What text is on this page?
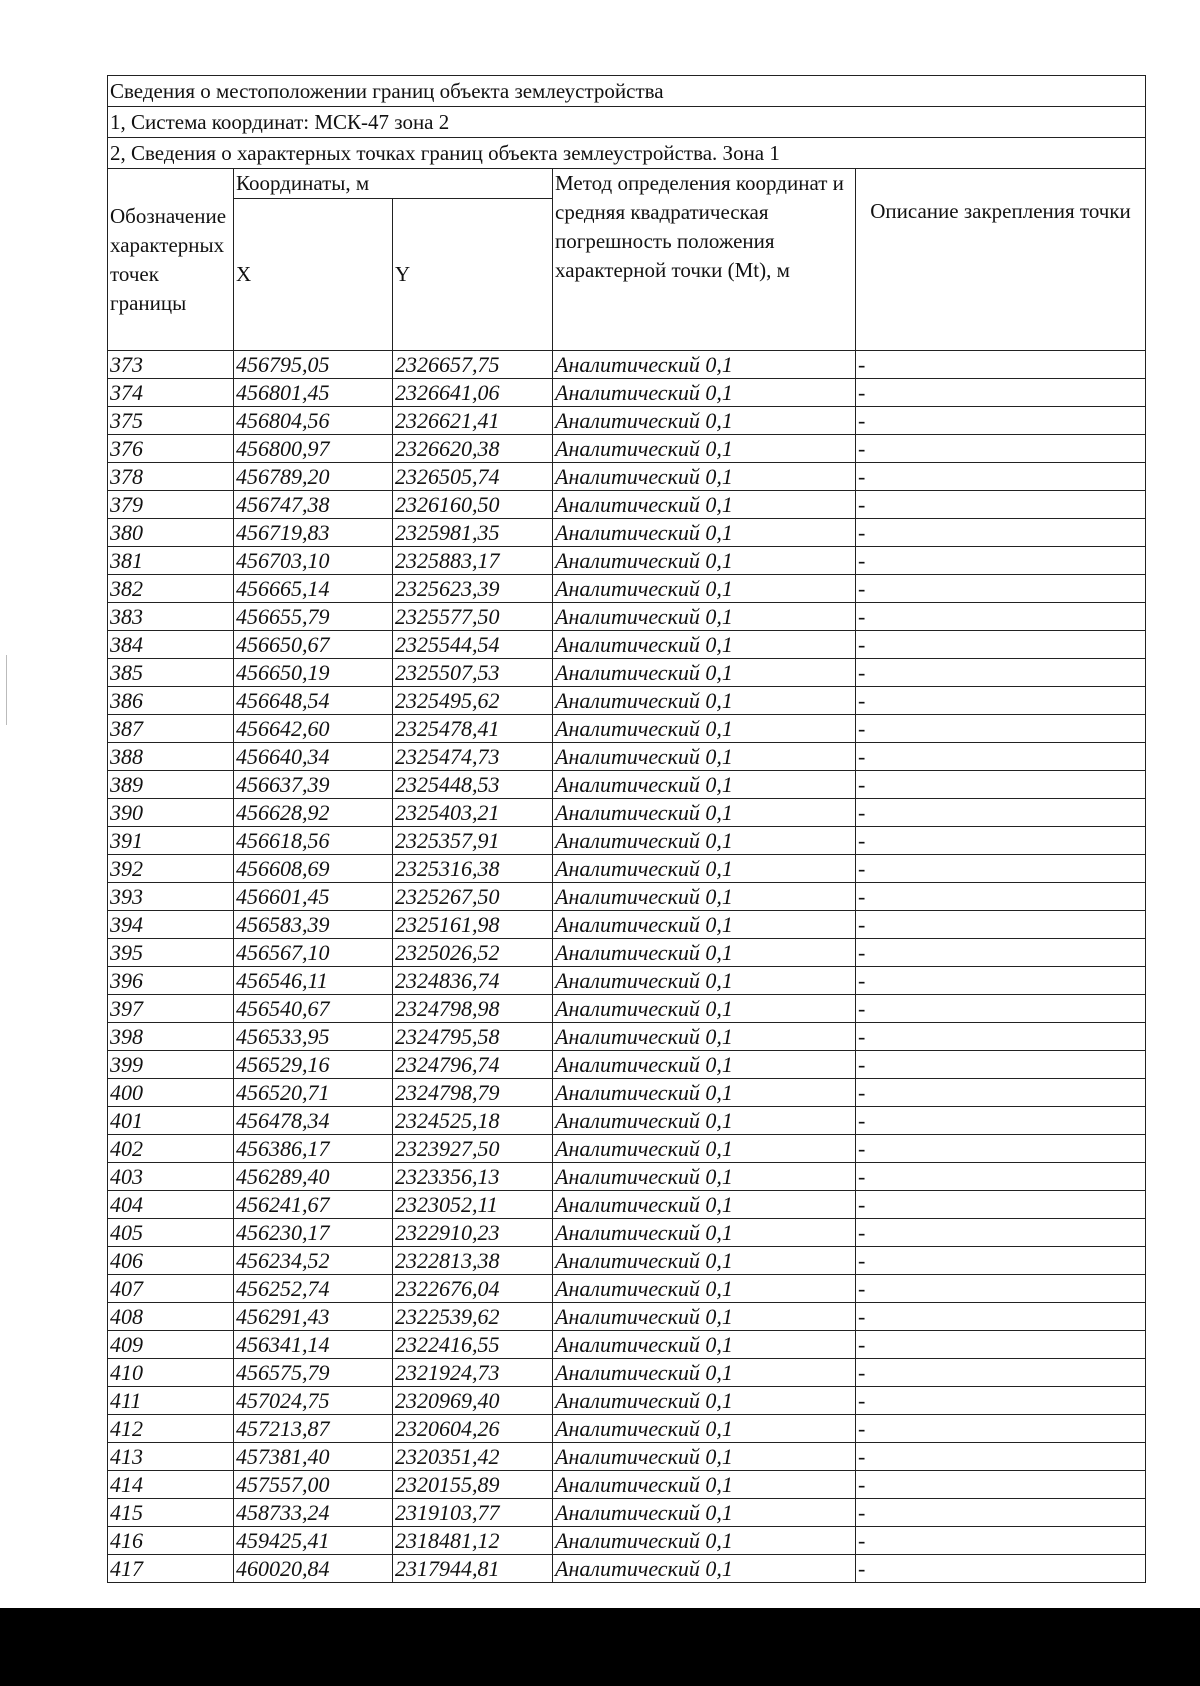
Сведения о местоположении границ объекта землеустройства				
1, Система координат: МСК-47 зона 2				
2, Сведения о характерных точках границ объекта землеустройства. Зона 1				
Обозначение характерных точек границы	Координаты, м		Метод определения координат и средняя квадратическая погрешность положения характерной точки (Mt), м	Описание закрепления точки
	X	Y		
373	456795,05	2326657,75	Аналитический 0,1	-
374	456801,45	2326641,06	Аналитический 0,1	-
375	456804,56	2326621,41	Аналитический 0,1	-
376	456800,97	2326620,38	Аналитический 0,1	-
378	456789,20	2326505,74	Аналитический 0,1	-
379	456747,38	2326160,50	Аналитический 0,1	-
380	456719,83	2325981,35	Аналитический 0,1	-
381	456703,10	2325883,17	Аналитический 0,1	-
382	456665,14	2325623,39	Аналитический 0,1	-
383	456655,79	2325577,50	Аналитический 0,1	-
384	456650,67	2325544,54	Аналитический 0,1	-
385	456650,19	2325507,53	Аналитический 0,1	-
386	456648,54	2325495,62	Аналитический 0,1	-
387	456642,60	2325478,41	Аналитический 0,1	-
388	456640,34	2325474,73	Аналитический 0,1	-
389	456637,39	2325448,53	Аналитический 0,1	-
390	456628,92	2325403,21	Аналитический 0,1	-
391	456618,56	2325357,91	Аналитический 0,1	-
392	456608,69	2325316,38	Аналитический 0,1	-
393	456601,45	2325267,50	Аналитический 0,1	-
394	456583,39	2325161,98	Аналитический 0,1	-
395	456567,10	2325026,52	Аналитический 0,1	-
396	456546,11	2324836,74	Аналитический 0,1	-
397	456540,67	2324798,98	Аналитический 0,1	-
398	456533,95	2324795,58	Аналитический 0,1	-
399	456529,16	2324796,74	Аналитический 0,1	-
400	456520,71	2324798,79	Аналитический 0,1	-
401	456478,34	2324525,18	Аналитический 0,1	-
402	456386,17	2323927,50	Аналитический 0,1	-
403	456289,40	2323356,13	Аналитический 0,1	-
404	456241,67	2323052,11	Аналитический 0,1	-
405	456230,17	2322910,23	Аналитический 0,1	-
406	456234,52	2322813,38	Аналитический 0,1	-
407	456252,74	2322676,04	Аналитический 0,1	-
408	456291,43	2322539,62	Аналитический 0,1	-
409	456341,14	2322416,55	Аналитический 0,1	-
410	456575,79	2321924,73	Аналитический 0,1	-
411	457024,75	2320969,40	Аналитический 0,1	-
412	457213,87	2320604,26	Аналитический 0,1	-
413	457381,40	2320351,42	Аналитический 0,1	-
414	457557,00	2320155,89	Аналитический 0,1	-
415	458733,24	2319103,77	Аналитический 0,1	-
416	459425,41	2318481,12	Аналитический 0,1	-
417	460020,84	2317944,81	Аналитический 0,1	-
